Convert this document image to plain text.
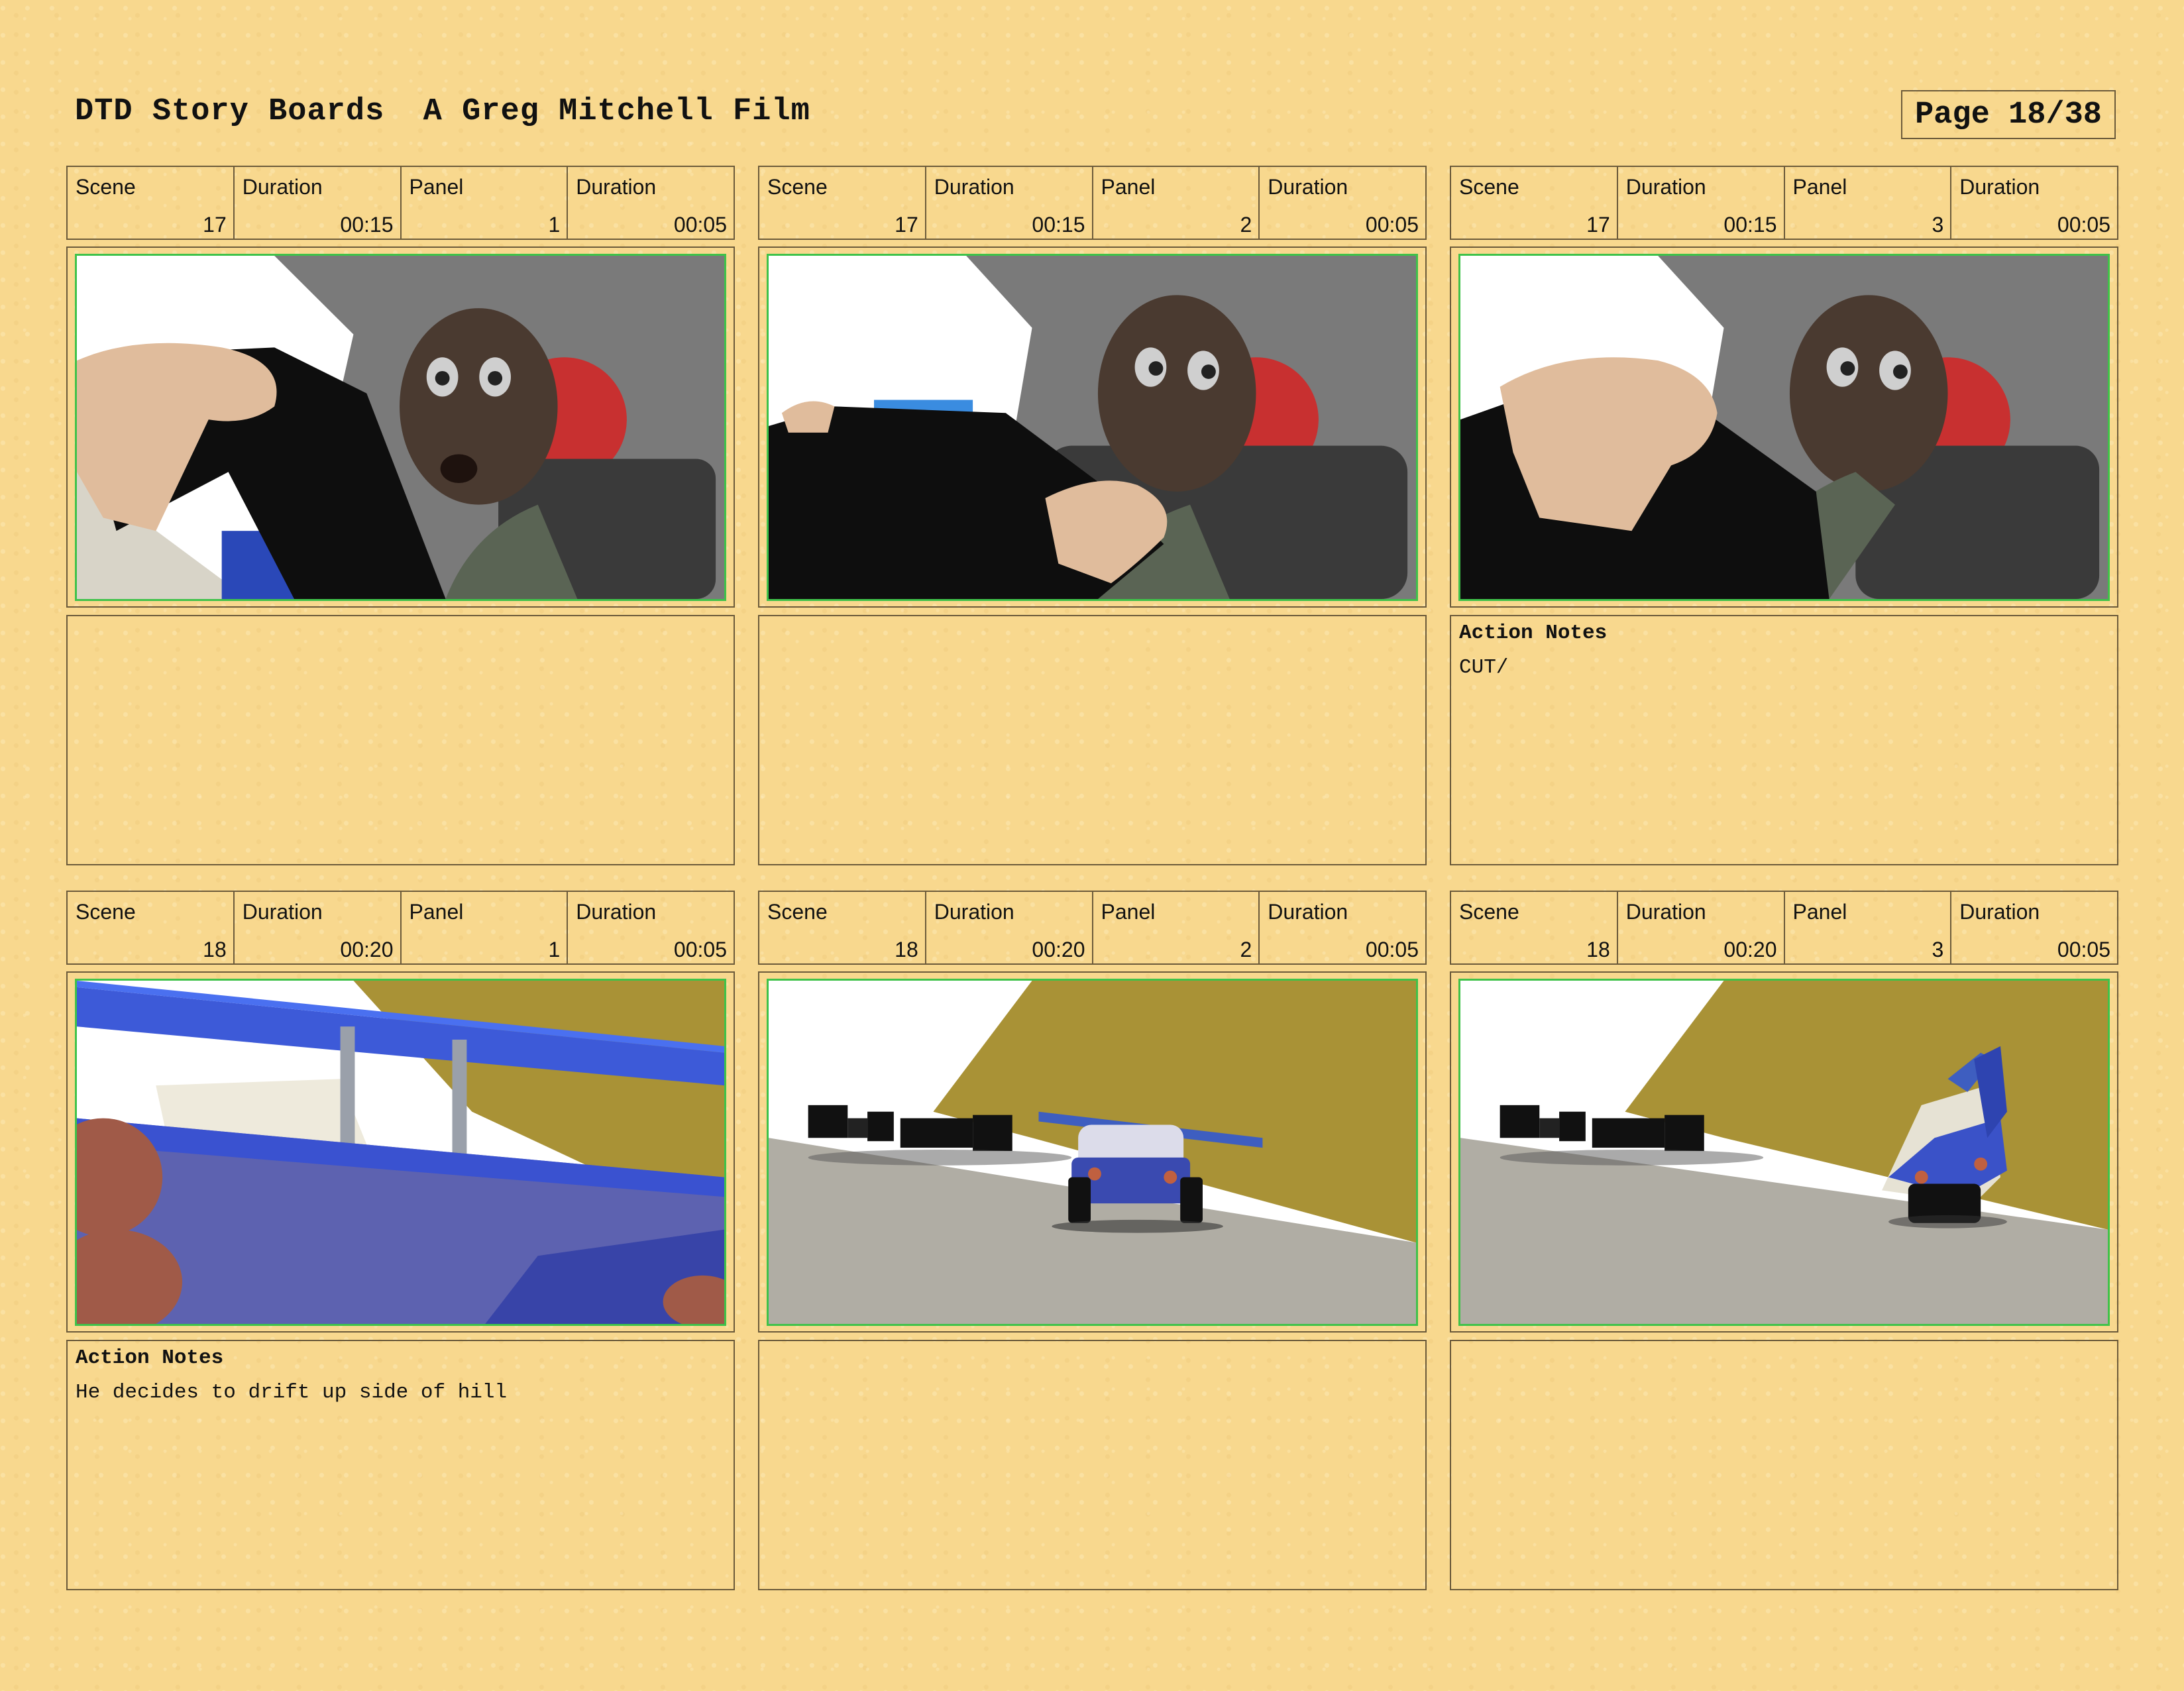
DTD Story Boards  A Greg Mitchell Film	Page 18/38
Scene
17
Duration
00:15
Panel
1
Duration
00:05
Scene
17
Duration
00:15
Panel
2
Duration
00:05
Scene
17
Duration
00:15
Panel
3
Duration
00:05
Action Notes
CUT/
Scene
18
Duration
00:20
Panel
1
Duration
00:05
Action Notes
He decides to drift up side of hill
Scene
18
Duration
00:20
Panel
2
Duration
00:05
Scene
18
Duration
00:20
Panel
3
Duration
00:05
